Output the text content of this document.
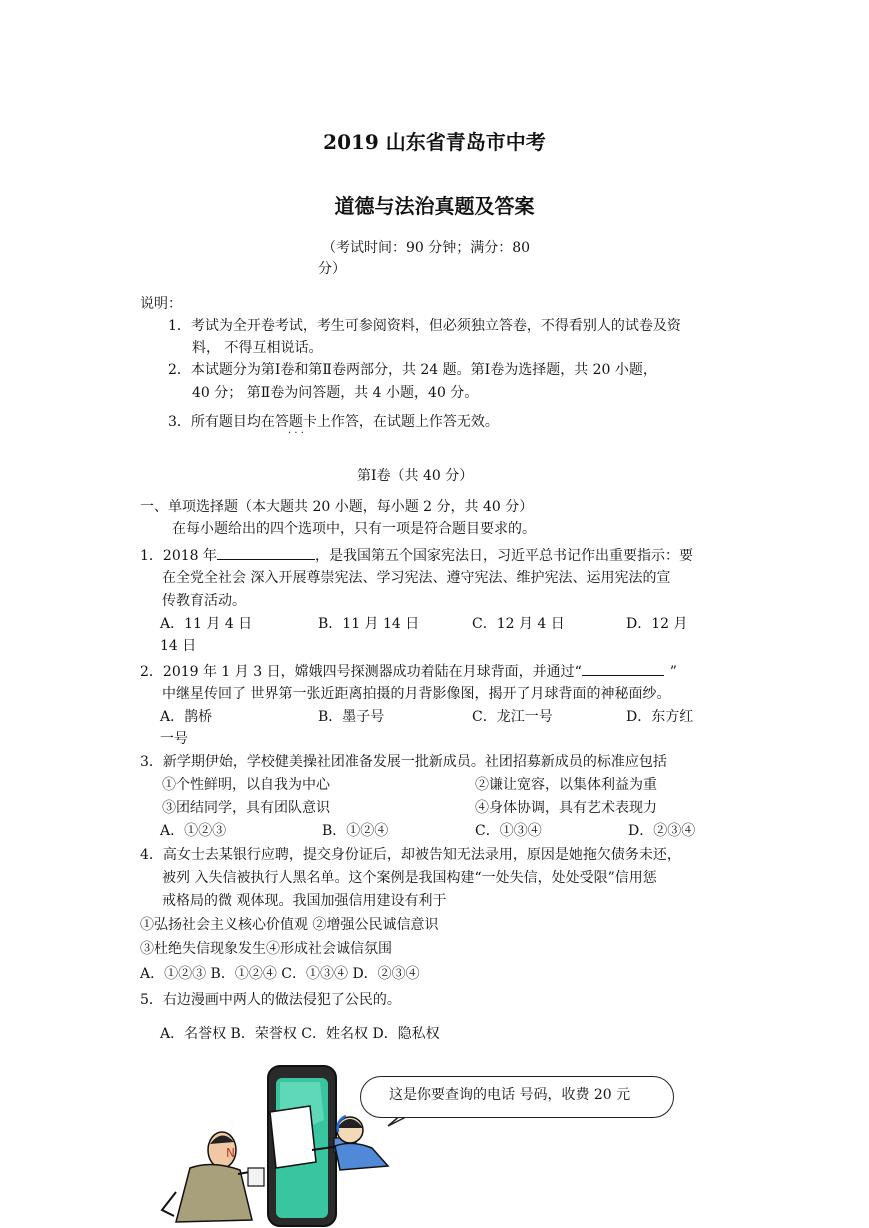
2019 山东省青岛市中考
道德与法治真题及答案
（考试时间：90 分钟；满分：80
分）
说明：
1．考试为全开卷考试，考生可参阅资料，但必须独立答卷，不得看别人的试卷及资
料， 不得互相说话。
2．本试题分为第Ⅰ卷和第Ⅱ卷两部分，共 24 题。第Ⅰ卷为选择题，共 20 小题，
40 分； 第Ⅱ卷为问答题，共 4 小题，40 分。
3．所有题目均在答题卡上作答，在试题上作答无效。
· · ·
第Ⅰ卷（共 40 分）
一、单项选择题（本大题共 20 小题，每小题 2 分，共 40 分）
在每小题给出的四个选项中，只有一项是符合题目要求的。
1．2018 年	，是我国第五个国家宪法日，习近平总书记作出重要指示：要
在全党全社会 深入开展尊崇宪法、学习宪法、遵守宪法、维护宪法、运用宪法的宣
传教育活动。
A．11 月 4 日	B．11 月 14 日	C．12 月 4 日	D．12 月
14 日
2．2019 年 1 月 3 日，嫦娥四号探测器成功着陆在月球背面，并通过“	”
中继星传回了 世界第一张近距离拍摄的月背影像图，揭开了月球背面的神秘面纱。
A．鹊桥	B．墨子号	C．龙江一号	D．东方红
一号
3．新学期伊始，学校健美操社团准备发展一批新成员。社团招募新成员的标准应包括
①个性鲜明，以自我为中心	②谦让宽容，以集体利益为重
③团结同学，具有团队意识	④身体协调，具有艺术表现力
A．①②③	B．①②④	C．①③④	D．②③④
4．高女士去某银行应聘，提交身份证后，却被告知无法录用，原因是她拖欠债务未还，
被列 入失信被执行人黑名单。这个案例是我国构建“一处失信，处处受限”信用惩
戒格局的微 观体现。我国加强信用建设有利于
①弘扬社会主义核心价值观 ②增强公民诚信意识
③杜绝失信现象发生④形成社会诚信氛围
A．①②③ B．①②④ C．①③④ D．②③④
5．右边漫画中两人的做法侵犯了公民的。
A．名誉权 B．荣誉权 C．姓名权 D．隐私权
N
这是你要查询的电话 号码，收费 20 元
